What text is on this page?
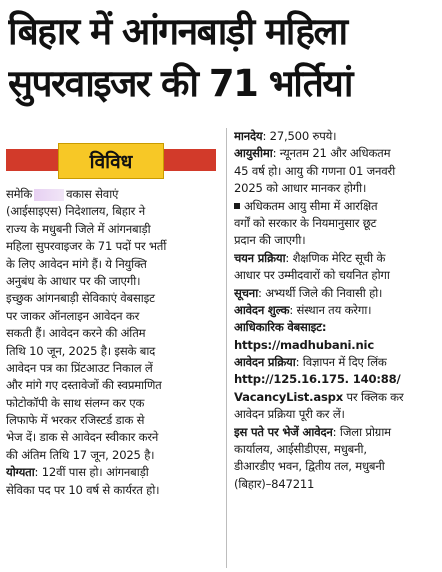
बिहार में आंगनबाड़ी महिला
सुपरवाइजर की 71 भर्तियां
विविध
समेकि	वकास सेवाएं
(आईसाइएस) निदेशालय, बिहार ने
राज्य के मधुबनी जिले में आंगनबाड़ी
महिला सुपरवाइजर के 71 पदों पर भर्ती
के लिए आवेदन मांगे हैं। ये नियुक्ति
अनुबंध के आधार पर की जाएगी।
इच्छुक आंगनबाड़ी सेविकाएं वेबसाइट
पर जाकर ऑनलाइन आवेदन कर
सकती हैं। आवेदन करने की अंतिम
तिथि 10 जून, 2025 है। इसके बाद
आवेदन पत्र का प्रिंटआउट निकाल लें
और मांगे गए दस्तावेजों की स्वप्रमाणित
फोटोकॉपी के साथ संलग्न कर एक
लिफाफे में भरकर रजिस्टर्ड डाक से
भेज दें। डाक से आवेदन स्वीकार करने
की अंतिम तिथि 17 जून, 2025 है।
योग्यता: 12वीं पास हो। आंगनबाड़ी
सेविका पद पर 10 वर्ष से कार्यरत हो।
मानदेय: 27,500 रुपये।
आयुसीमा: न्यूनतम 21 और अधिकतम
45 वर्ष हो। आयु की गणना 01 जनवरी
2025 को आधार मानकर होगी।
अधिकतम आयु सीमा में आरक्षित
वर्गों को सरकार के नियमानुसार छूट
प्रदान की जाएगी।
चयन प्रक्रिया: शैक्षणिक मेरिट सूची के
आधार पर उम्मीदवारों को चयनित होगा
सूचना: अभ्यर्थी जिले की निवासी हो।
आवेदन शुल्क: संस्थान तय करेगा।
आधिकारिक वेबसाइट:
https://madhubani.nic
आवेदन प्रक्रिया: विज्ञापन में दिए लिंक
http://125.16.175. 140:88/
VacancyList.aspx पर क्लिक कर
आवेदन प्रक्रिया पूरी कर लें।
इस पते पर भेजें आवेदन: जिला प्रोग्राम
कार्यालय, आईसीडीएस, मधुबनी,
डीआरडीए भवन, द्वितीय तल, मधुबनी
(बिहार)–847211
